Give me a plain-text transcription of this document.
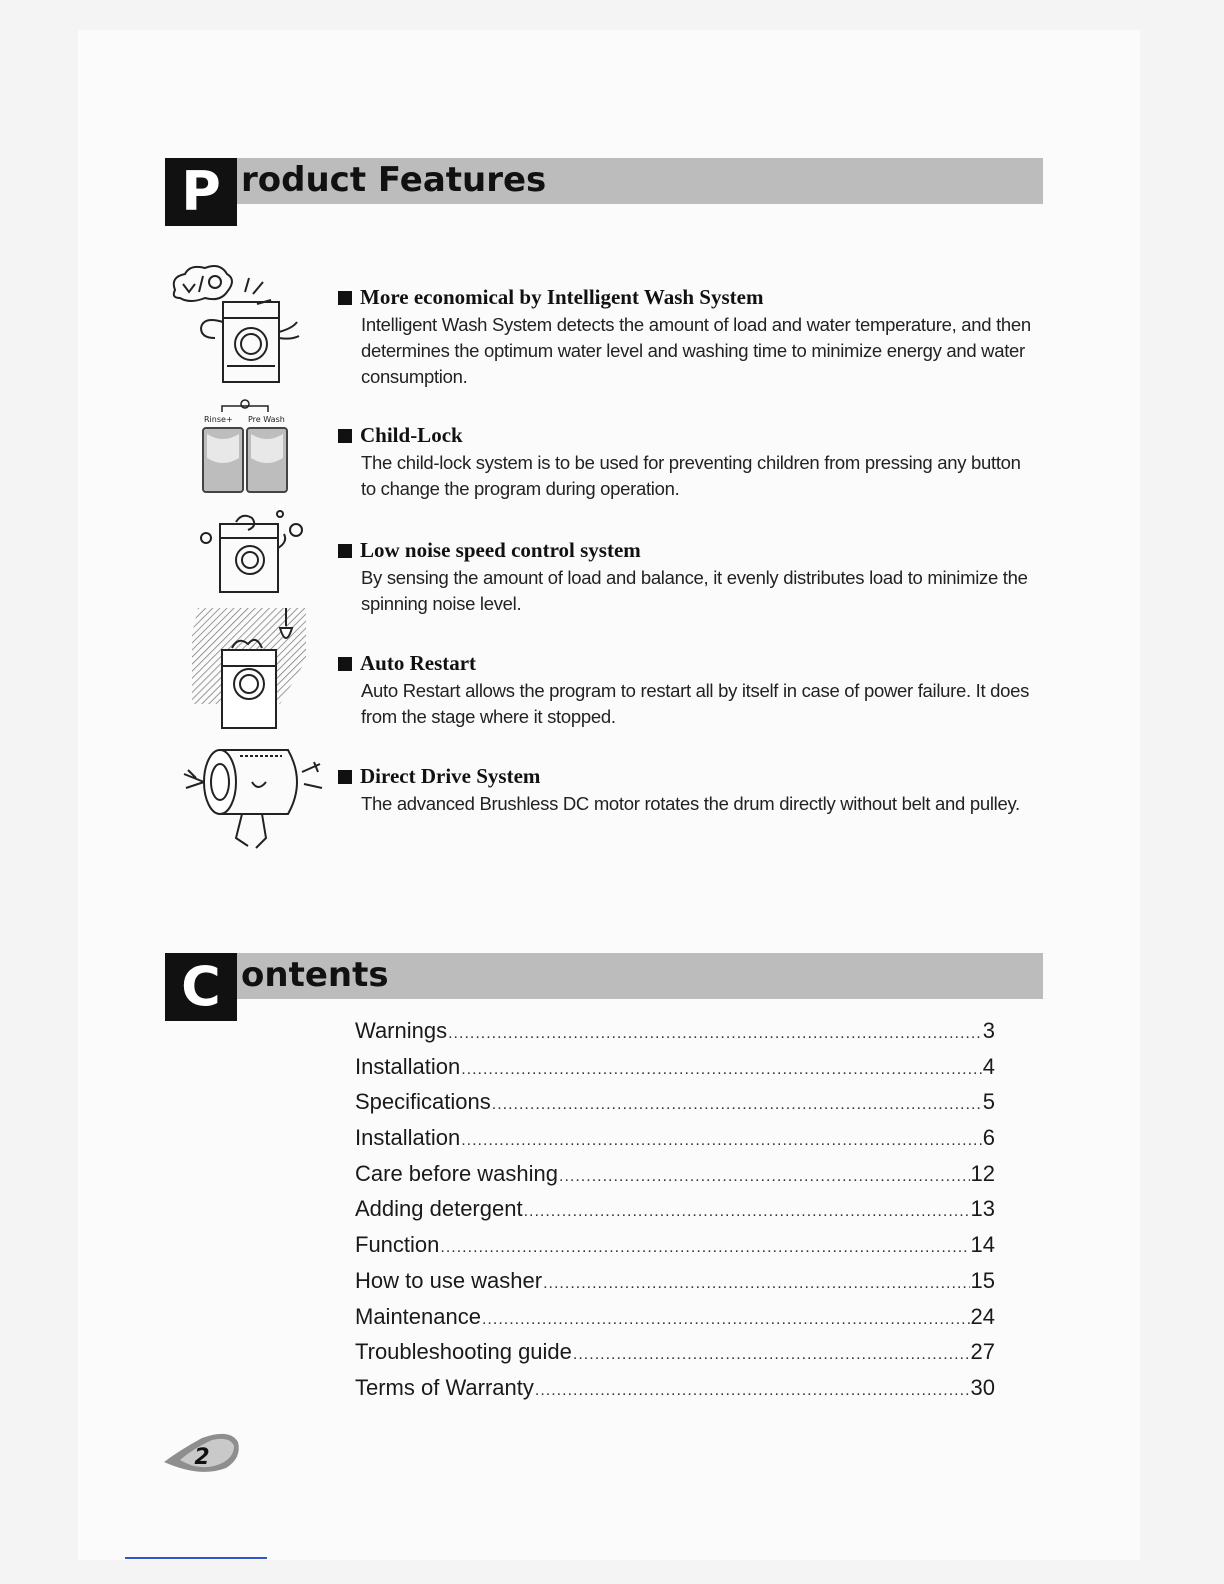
P roduct Features
Rinse+ Pre Wash
More economical by Intelligent Wash System

Intelligent Wash System detects the amount of load and water temperature, and then determines the optimum water level and washing time to minimize energy and water consumption.

Child-Lock

The child-lock system is to be used for preventing children from pressing any button to change the program during operation.

Low noise speed control system

By sensing the amount of load and balance, it evenly distributes load to minimize the spinning noise level.

Auto Restart

Auto Restart allows the program to restart all by itself in case of power failure. It does from the stage where it stopped.

Direct Drive System

The advanced Brushless DC motor rotates the drum directly without belt and pulley.

C ontents
Warnings .....	3
Installation .....	4
Specifications .....	5
Installation .....	6
Care before washing .....	12
Adding detergent .....	13
Function .....	14
How to use washer .....	15
Maintenance .....	24
Troubleshooting guide .....	27
Terms of Warranty .....	30
2
